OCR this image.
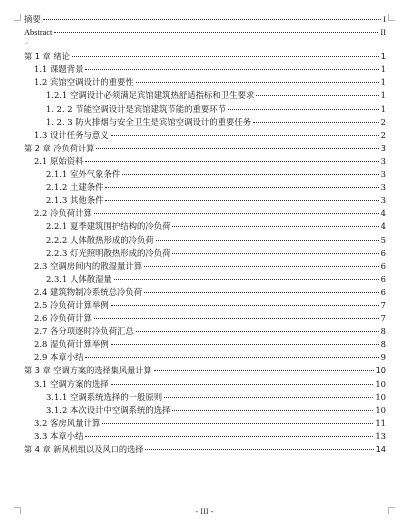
摘要	I
Abstract	II
第 1 章 绪论	1
1.1 课题背景	1
1.2 宾馆空调设计的重要性	1
1.2.1 空调设计必须满足宾馆建筑热舒适指标和卫生要求	1
1. 2. 2 节能空调设计是宾馆建筑节能的重要环节	1
1. 2. 3 防火排烟与安全卫生是宾馆空调设计的重要任务	2
1.3 设计任务与意义	2
第 2 章 冷负荷计算	3
2.1 原始资料	3
2.1.1 室外气象条件	3
2.1.2 土建条件	3
2.1.3 其他条件	3
2.2 冷负荷计算	4
2.2.1 夏季建筑围护结构的冷负荷	4
2.2.2 人体散热形成的冷负荷	5
2.2.3 灯光照明散热形成的冷负荷	6
2.3 空调房间内的散湿量计算	6
2.3.1 人体散湿量	6
2.4 建筑物制冷系统总冷负荷	6
2.5 冷负荷计算举例	7
2.6 冷负荷计算	7
2.7 各分项逐时冷负荷汇总	8
2.8 湿负荷计算举例	8
2.9 本章小结	9
第 3 章 空调方案的选择集风量计算	10
3.1 空调方案的选择	10
3.1.1 空调系统选择的一般原则	10
3.1.2 本次设计中空调系统的选择	10
3.2 客房风量计算	11
3.3 本章小结	13
第 4 章 新风机组以及风口的选择	14
↵
- III -
